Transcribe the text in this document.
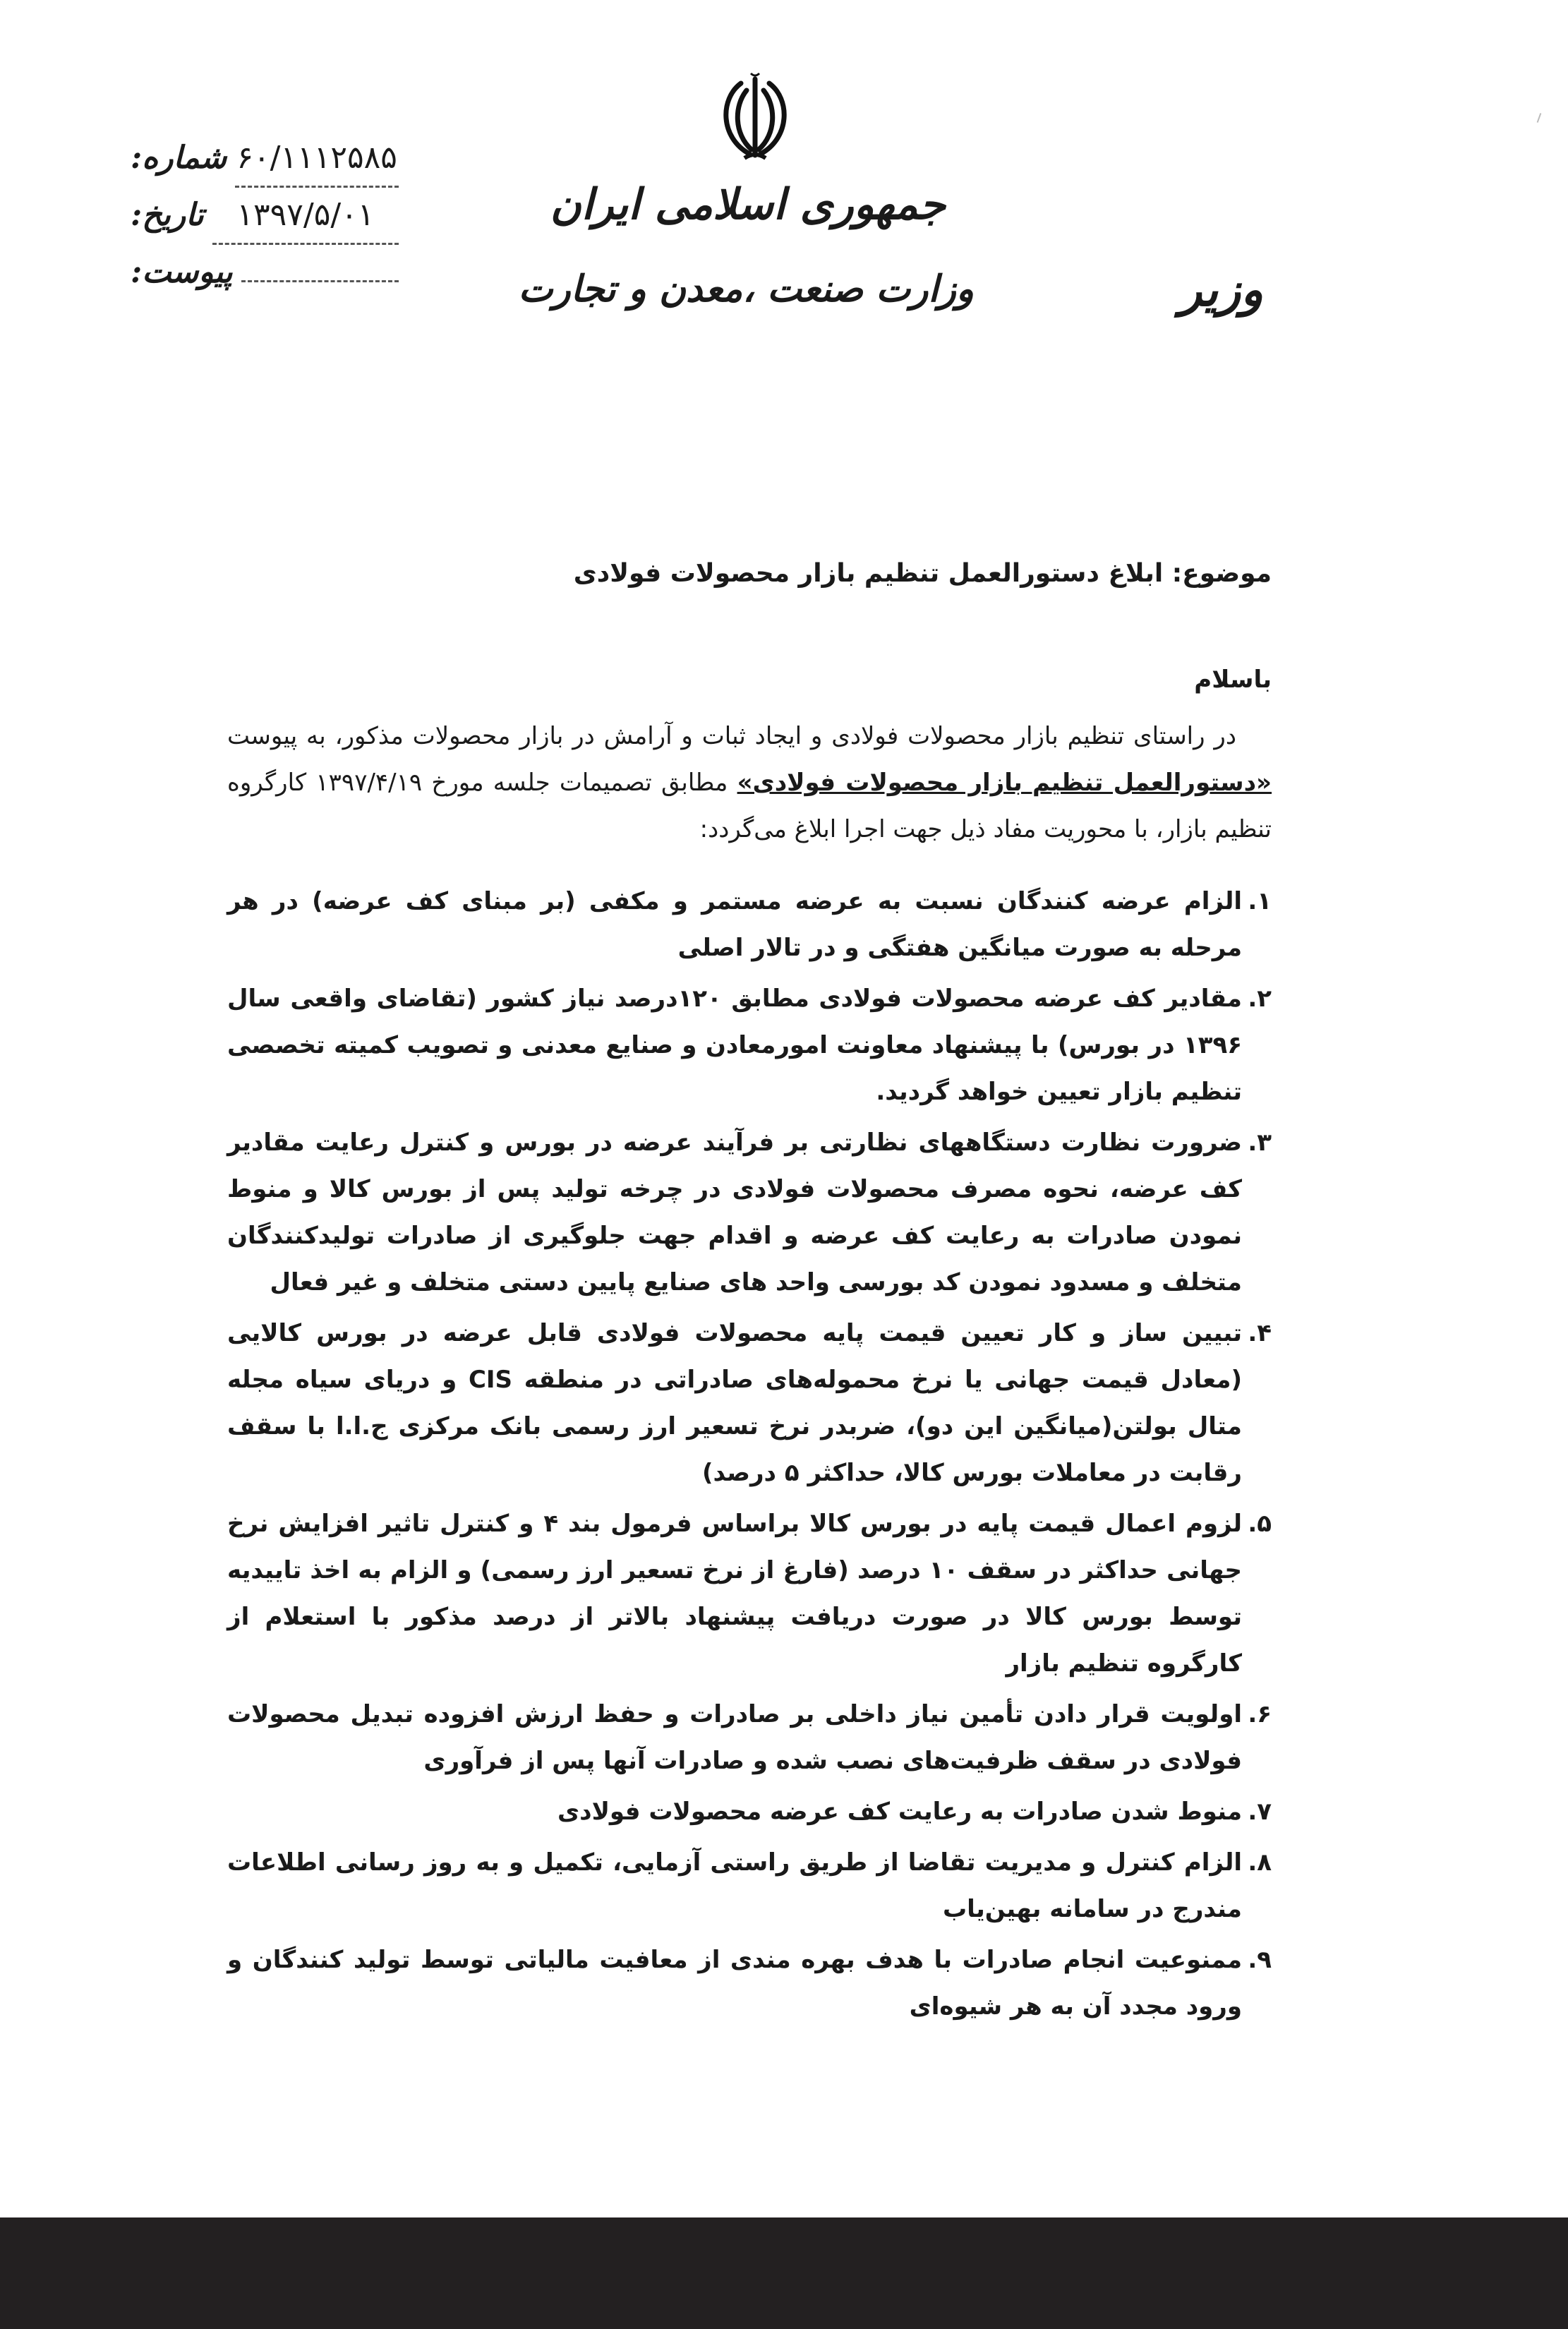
شماره: ۶۰/۱۱۱۲۵۸۵
تاریخ:	۱۳۹۷/۵/۰۱
پیوست:
جمهوری اسلامی ایران
وزارت صنعت ،معدن و تجارت	وزیر
موضوع: ابلاغ دستورالعمل تنظیم بازار محصولات فولادی
باسلام

در راستای تنظیم بازار محصولات فولادی و ایجاد ثبات و آرامش در بازار محصولات مذکور، به پیوست «دستورالعمل تنظیم بازار محصولات فولادی» مطابق تصمیمات جلسه مورخ ۱۳۹۷/۴/۱۹ کارگروه تنظیم بازار، با محوریت مفاد ذیل جهت اجرا ابلاغ می‌گردد:

۱.
الزام عرضه کنندگان نسبت به عرضه مستمر و مکفی (بر مبنای کف عرضه) در هر مرحله به صورت میانگین هفتگی و در تالار اصلی
۲.
مقادیر کف عرضه محصولات فولادی مطابق ۱۲۰درصد نیاز کشور (تقاضای واقعی سال ۱۳۹۶ در بورس) با پیشنهاد معاونت امورمعادن و صنایع معدنی و تصویب کمیته تخصصی تنظیم بازار تعیین خواهد گردید.
۳.
ضرورت نظارت دستگاههای نظارتی بر فرآیند عرضه در بورس و کنترل رعایت مقادیر کف عرضه، نحوه مصرف محصولات فولادی در چرخه تولید پس از بورس کالا و منوط نمودن صادرات به رعایت کف عرضه و اقدام جهت جلوگیری از صادرات تولیدکنندگان متخلف و مسدود نمودن کد بورسی واحد های صنایع پایین دستی متخلف و غیر فعال
۴.
تبیین ساز و کار تعیین قیمت پایه محصولات فولادی قابل عرضه در بورس کالایی (معادل قیمت جهانی یا نرخ محموله‌های صادراتی در منطقه CIS و دریای سیاه مجله متال بولتن(میانگین این دو)، ضربدر نرخ تسعیر ارز رسمی بانک مرکزی ج.ا.ا با سقف رقابت در معاملات بورس کالا، حداکثر ۵ درصد)
۵.
لزوم اعمال قیمت پایه در بورس کالا براساس فرمول بند ۴ و کنترل تاثیر افزایش نرخ جهانی حداکثر در سقف ۱۰ درصد (فارغ از نرخ تسعیر ارز رسمی) و الزام به اخذ تاییدیه توسط بورس کالا در صورت دریافت پیشنهاد بالاتر از درصد مذکور با استعلام از کارگروه تنظیم بازار
۶.
اولویت قرار دادن تأمین نیاز داخلی بر صادرات و حفظ ارزش افزوده تبدیل محصولات فولادی در سقف ظرفیت‌های نصب شده و صادرات آنها پس از فرآوری
۷.
منوط شدن صادرات به رعایت کف عرضه محصولات فولادی
۸.
الزام کنترل و مدیریت تقاضا از طریق راستی آزمایی، تکمیل و به روز رسانی اطلاعات مندرج در سامانه بهین‌یاب
۹.
ممنوعیت انجام صادرات با هدف بهره مندی از معافیت مالیاتی توسط تولید کنندگان و ورود مجدد آن به هر شیوه‌ای
